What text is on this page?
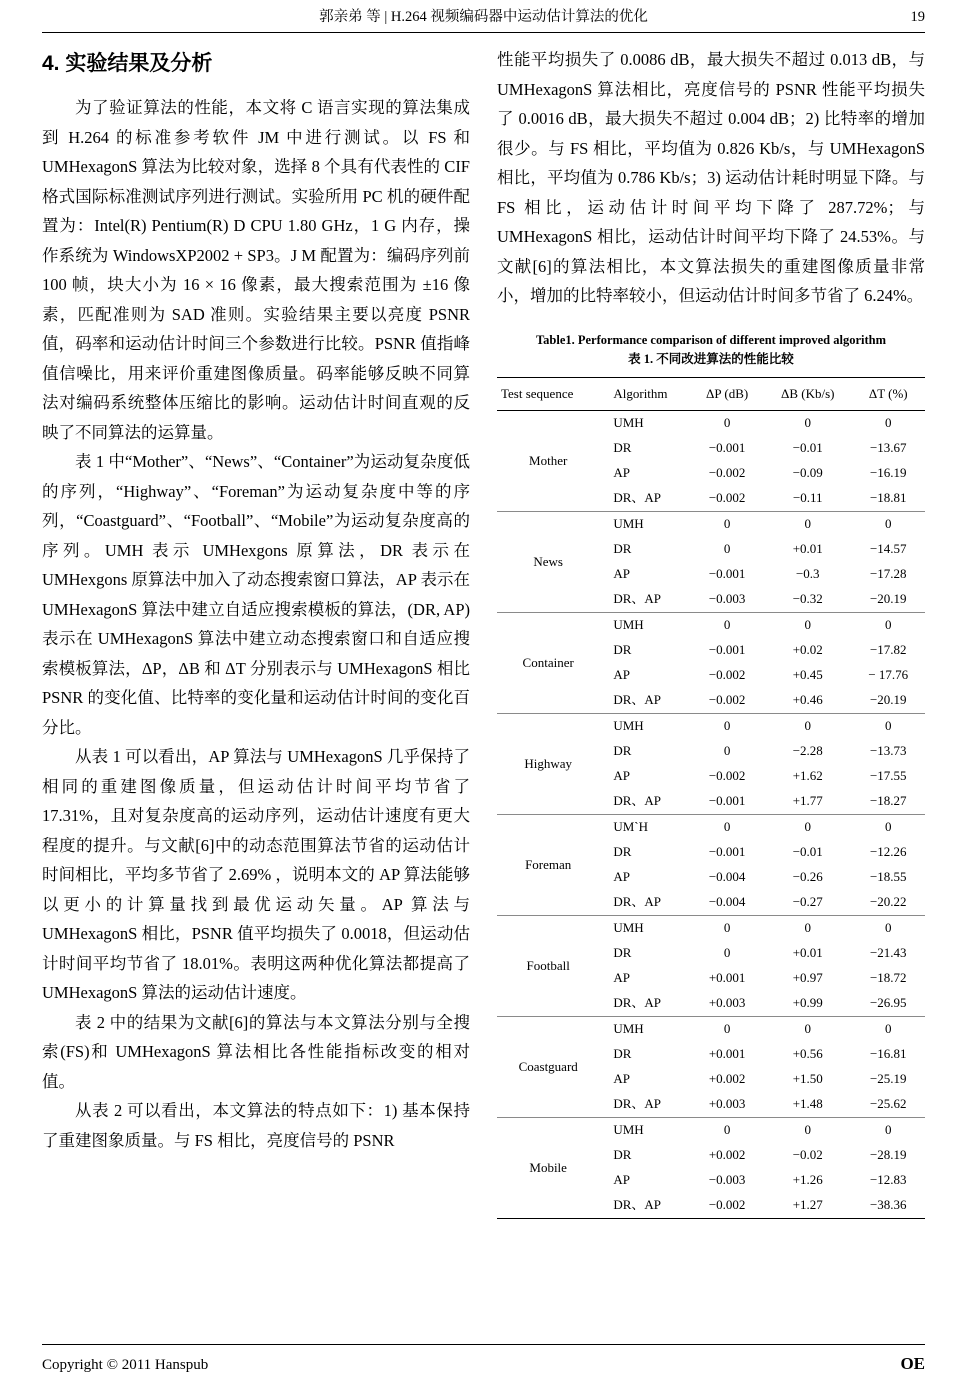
郭亲弟 等 | H.264 视频编码器中运动估计算法的优化	19
4. 实验结果及分析

为了验证算法的性能，本文将 C 语言实现的算法集成到 H.264 的标准参考软件 JM 中进行测试。以 FS 和 UMHexagonS 算法为比较对象，选择 8 个具有代表性的 CIF 格式国际标准测试序列进行测试。实验所用 PC 机的硬件配置为：Intel(R) Pentium(R) D CPU 1.80 GHz，1 G 内存，操作系统为 WindowsXP2002 + SP3。J M 配置为：编码序列前 100 帧，块大小为 16 × 16 像素，最大搜索范围为 ±16 像素，匹配准则为 SAD 准则。实验结果主要以亮度 PSNR 值，码率和运动估计时间三个参数进行比较。PSNR 值指峰值信噪比，用来评价重建图像质量。码率能够反映不同算法对编码系统整体压缩比的影响。运动估计时间直观的反映了不同算法的运算量。

表 1 中“Mother”、“News”、“Container”为运动复杂度低的序列，“Highway”、“Foreman”为运动复杂度中等的序列，“Coastguard”、“Football”、“Mobile”为运动复杂度高的序列。UMH 表示 UMHexgons 原算法，DR 表示在 UMHexgons 原算法中加入了动态搜索窗口算法，AP 表示在 UMHexagonS 算法中建立自适应搜索模板的算法，(DR, AP)表示在 UMHexagonS 算法中建立动态搜索窗口和自适应搜索模板算法，ΔP，ΔB 和 ΔT 分别表示与 UMHexagonS 相比 PSNR 的变化值、比特率的变化量和运动估计时间的变化百分比。

从表 1 可以看出，AP 算法与 UMHexagonS 几乎保持了相同的重建图像质量，但运动估计时间平均节省了 17.31%，且对复杂度高的运动序列，运动估计速度有更大程度的提升。与文献[6]中的动态范围算法节省的运动估计时间相比，平均多节省了 2.69% ，说明本文的 AP 算法能够以更小的计算量找到最优运动矢量。AP 算法与 UMHexagonS 相比，PSNR 值平均损失了 0.0018，但运动估计时间平均节省了 18.01%。表明这两种优化算法都提高了 UMHexagonS 算法的运动估计速度。

表 2 中的结果为文献[6]的算法与本文算法分别与全搜索(FS)和 UMHexagonS 算法相比各性能指标改变的相对值。

从表 2 可以看出，本文算法的特点如下：1) 基本保持了重建图象质量。与 FS 相比，亮度信号的 PSNR

性能平均损失了 0.0086 dB，最大损失不超过 0.013 dB，与 UMHexagonS 算法相比，亮度信号的 PSNR 性能平均损失了 0.0016 dB，最大损失不超过 0.004 dB；2) 比特率的增加很少。与 FS 相比，平均值为 0.826 Kb/s，与 UMHexagonS 相比，平均值为 0.786 Kb/s；3) 运动估计耗时明显下降。与 FS 相比，运动估计时间平均下降了 287.72%；与 UMHexagonS 相比，运动估计时间平均下降了 24.53%。与文献[6]的算法相比，本文算法损失的重建图像质量非常小，增加的比特率较小，但运动估计时间多节省了 6.24%。

Table1. Performance comparison of different improved algorithm
表 1. 不同改进算法的性能比较
Test sequence	Algorithm	ΔP (dB)	ΔB (Kb/s)	ΔT (%)
Mother	UMH	0	0	0
	DR	−0.001	−0.01	−13.67
	AP	−0.002	−0.09	−16.19
	DR、AP	−0.002	−0.11	−18.81
News	UMH	0	0	0
	DR	0	+0.01	−14.57
	AP	−0.001	−0.3	−17.28
	DR、AP	−0.003	−0.32	−20.19
Container	UMH	0	0	0
	DR	−0.001	+0.02	−17.82
	AP	−0.002	+0.45	− 17.76
	DR、AP	−0.002	+0.46	−20.19
Highway	UMH	0	0	0
	DR	0	−2.28	−13.73
	AP	−0.002	+1.62	−17.55
	DR、AP	−0.001	+1.77	−18.27
Foreman	UM`H	0	0	0
	DR	−0.001	−0.01	−12.26
	AP	−0.004	−0.26	−18.55
	DR、AP	−0.004	−0.27	−20.22
Football	UMH	0	0	0
	DR	0	+0.01	−21.43
	AP	+0.001	+0.97	−18.72
	DR、AP	+0.003	+0.99	−26.95
Coastguard	UMH	0	0	0
	DR	+0.001	+0.56	−16.81
	AP	+0.002	+1.50	−25.19
	DR、AP	+0.003	+1.48	−25.62
Mobile	UMH	0	0	0
	DR	+0.002	−0.02	−28.19
	AP	−0.003	+1.26	−12.83
	DR、AP	−0.002	+1.27	−38.36
Copyright © 2011 Hanspub	OE
